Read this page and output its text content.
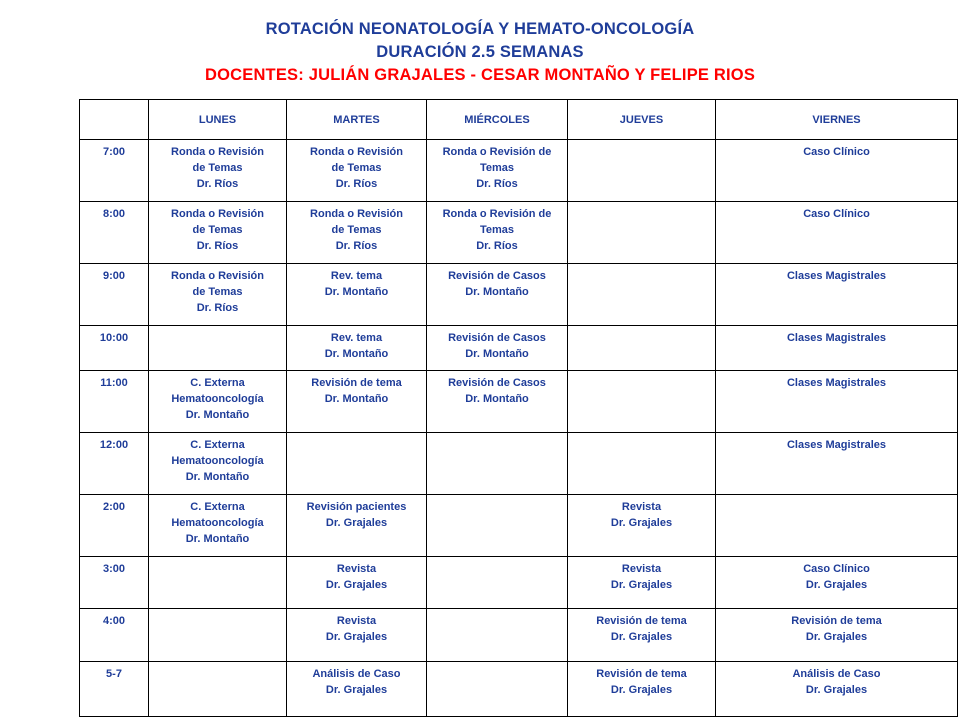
ROTACIÓN NEONATOLOGÍA Y HEMATO-ONCOLOGÍA
DURACIÓN 2.5 SEMANAS
DOCENTES: JULIÁN GRAJALES - CESAR MONTAÑO Y FELIPE RIOS
	LUNES	MARTES	MIÉRCOLES	JUEVES	VIERNES
7:00	Ronda o Revisión
de Temas
Dr. Ríos	Ronda o Revisión
de Temas
Dr. Ríos	Ronda o Revisión de
Temas
Dr. Ríos		Caso Clínico

8:00	Ronda o Revisión
de Temas
Dr. Ríos	Ronda o Revisión
de Temas
Dr. Ríos	Ronda o Revisión de
Temas
Dr. Ríos		Caso Clínico

9:00	Ronda o Revisión
de Temas
Dr. Ríos	Rev. tema
Dr. Montaño	Revisión de Casos
Dr. Montaño		Clases Magistrales

10:00		Rev. tema
Dr. Montaño	Revisión de Casos
Dr. Montaño		Clases Magistrales

11:00	C. Externa
Hematooncología
Dr. Montaño	Revisión de tema
Dr. Montaño	Revisión de Casos
Dr. Montaño		Clases Magistrales

12:00	C. Externa
Hematooncología
Dr. Montaño				Clases Magistrales

2:00	C. Externa
Hematooncología
Dr. Montaño	Revisión pacientes
Dr. Grajales		Revista
Dr. Grajales	

3:00		Revista
Dr. Grajales		Revista
Dr. Grajales	Caso Clínico
Dr. Grajales

4:00		Revista
Dr. Grajales		Revisión de tema
Dr. Grajales	Revisión de tema
Dr. Grajales

5-7		Análisis de Caso
Dr. Grajales		Revisión de tema
Dr. Grajales	Análisis de Caso
Dr. Grajales
